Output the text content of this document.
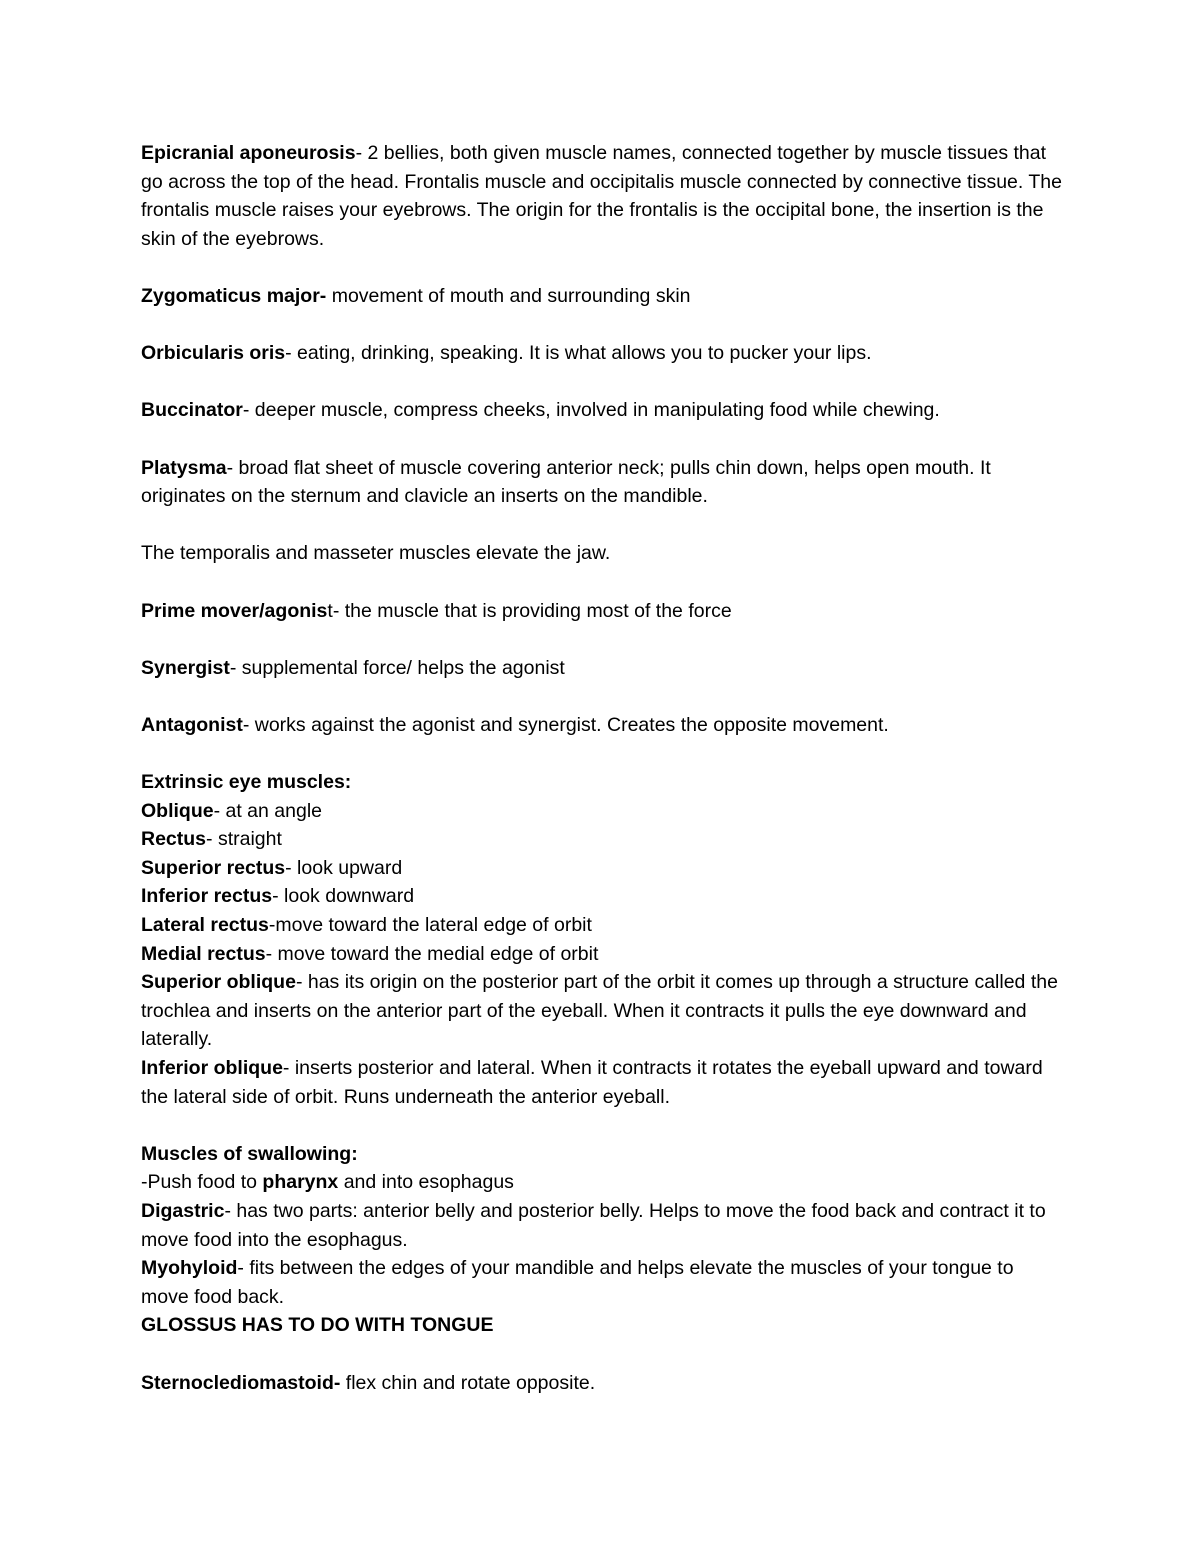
Epicranial aponeurosis- 2 bellies, both given muscle names, connected together by muscle tissues that go across the top of the head. Frontalis muscle and occipitalis muscle connected by connective tissue. The frontalis muscle raises your eyebrows. The origin for the frontalis is the occipital bone, the insertion is the skin of the eyebrows.

Zygomaticus major- movement of mouth and surrounding skin

Orbicularis oris- eating, drinking, speaking. It is what allows you to pucker your lips.

Buccinator- deeper muscle, compress cheeks, involved in manipulating food while chewing.

Platysma- broad flat sheet of muscle covering anterior neck; pulls chin down, helps open mouth. It originates on the sternum and clavicle an inserts on the mandible.

The temporalis and masseter muscles elevate the jaw.

Prime mover/agonist- the muscle that is providing most of the force

Synergist- supplemental force/ helps the agonist

Antagonist- works against the agonist and synergist. Creates the opposite movement.

Extrinsic eye muscles:

Oblique- at an angle

Rectus- straight

Superior rectus- look upward

Inferior rectus- look downward

Lateral rectus-move toward the lateral edge of orbit

Medial rectus- move toward the medial edge of orbit

Superior oblique- has its origin on the posterior part of the orbit it comes up through a structure called the trochlea and inserts on the anterior part of the eyeball. When it contracts it pulls the eye downward and laterally.

Inferior oblique- inserts posterior and lateral. When it contracts it rotates the eyeball upward and toward the lateral side of orbit. Runs underneath the anterior eyeball.

Muscles of swallowing:

-Push food to pharynx and into esophagus

Digastric- has two parts: anterior belly and posterior belly. Helps to move the food back and contract it to move food into the esophagus.

Myohyloid- fits between the edges of your mandible and helps elevate the muscles of your tongue to move food back.

GLOSSUS HAS TO DO WITH TONGUE

Sternoclediomastoid- flex chin and rotate opposite.
